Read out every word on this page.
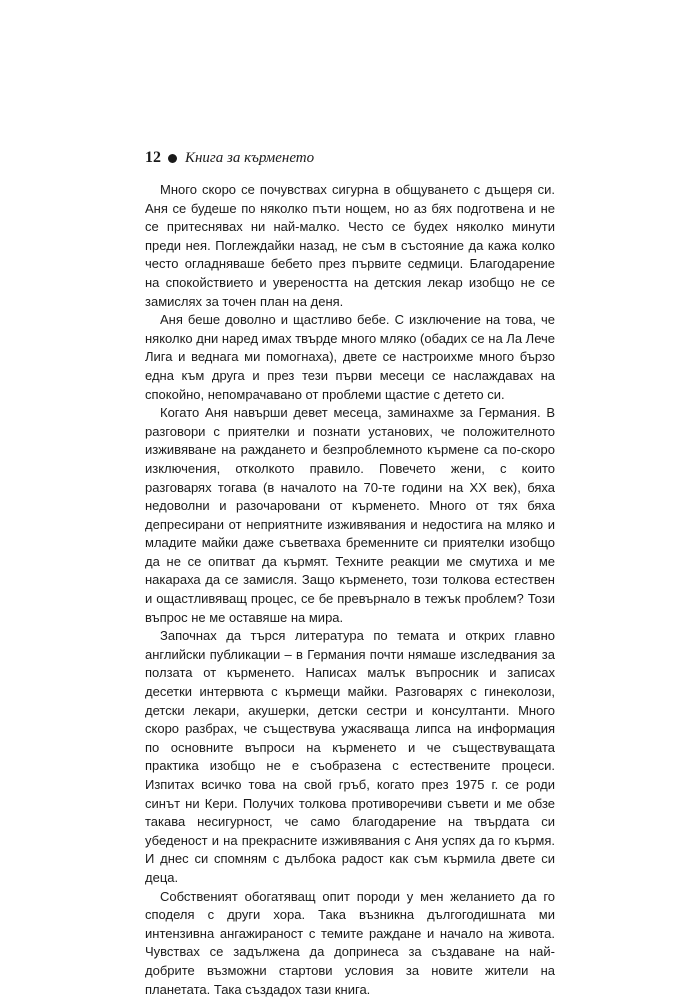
12 Книга за кърменето

Много скоро се почувствах сигурна в общуването с дъщеря си. Аня се будеше по няколко пъти нощем, но аз бях подготвена и не се притеснявах ни най-малко. Често се будех няколко минути преди нея. Поглеждайки назад, не съм в състояние да кажа колко често огладняваше бебето през първите седмици. Благодарение на спокойствието и увереността на детския лекар изобщо не се замислях за точен план на деня.

Аня беше доволно и щастливо бебе. С изключение на това, че няколко дни наред имах твърде много мляко (обадих се на Ла Лече Лига и веднага ми помогнаха), двете се настроихме много бързо една към друга и през тези първи месеци се наслаждавах на спокойно, непомрачавано от проблеми щастие с детето си.

Когато Аня навърши девет месеца, заминахме за Германия. В разговори с приятелки и познати установих, че положителното изживяване на раждането и безпроблемното кърмене са по-скоро изключения, отколкото правило. Повечето жени, с които разговарях тогава (в началото на 70-те години на XX век), бяха недоволни и разочаровани от кърменето. Много от тях бяха депресирани от неприятните изживявания и недостига на мляко и младите майки даже съветваха бременните си приятелки изобщо да не се опитват да кърмят. Техните реакции ме смутиха и ме накараха да се замисля. Защо кърменето, този толкова естествен и ощастливяващ процес, се бе превърнало в тежък проблем? Този въпрос не ме оставяше на мира.

Започнах да търся литература по темата и открих главно английски публикации – в Германия почти нямаше изследвания за ползата от кърменето. Написах малък въпросник и записах десетки интервюта с кърмещи майки. Разговарях с гинеколози, детски лекари, акушерки, детски сестри и консултанти. Много скоро разбрах, че съществува ужасяваща липса на информация по основните въпроси на кърменето и че съществуващата практика изобщо не е съобразена с естествените процеси. Изпитах всичко това на свой гръб, когато през 1975 г. се роди синът ни Кери. Получих толкова противоречиви съвети и ме обзе такава несигурност, че само благодарение на твърдата си убеденост и на прекрасните изживявания с Аня успях да го кърмя. И днес си спомням с дълбока радост как съм кърмила двете си деца.

Собственият обогатяващ опит породи у мен желанието да го споделя с други хора. Така възникна дългогодишната ми интензивна ангажираност с темите раждане и начало на живота. Чувствах се задължена да допринеса за създаване на най-добрите възможни стартови условия за новите жители на планетата. Така създадох тази книга.
